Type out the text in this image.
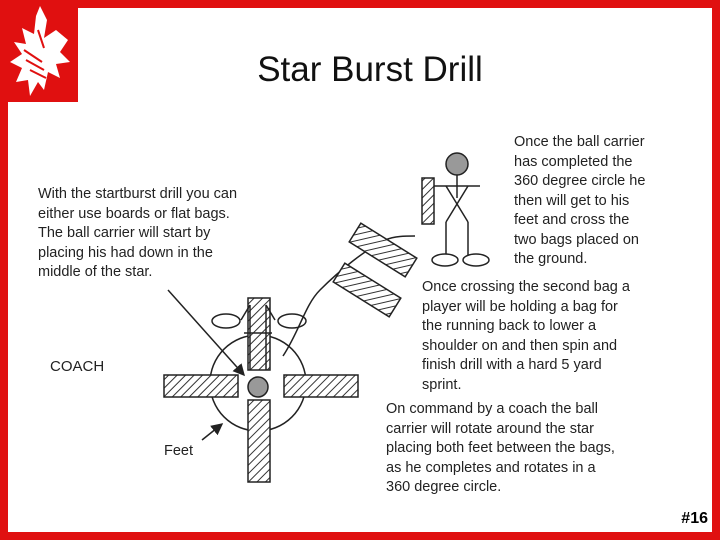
Star Burst Drill
With the startburst drill you can
either use boards or flat bags.
The ball carrier will start by
placing his had down in the
middle of the star.
Once the ball carrier
has completed the
360 degree circle he
then will get to his
feet and cross the
two bags placed on
the ground.
Once crossing the second bag a
player will be holding a bag for
the running back to lower a
shoulder on and then spin and
finish drill with a hard 5 yard
sprint.
On command by a coach the ball
carrier will rotate around the star
placing both feet between the bags,
as he completes and rotates in a
360 degree circle.
COACH
Feet
#16
